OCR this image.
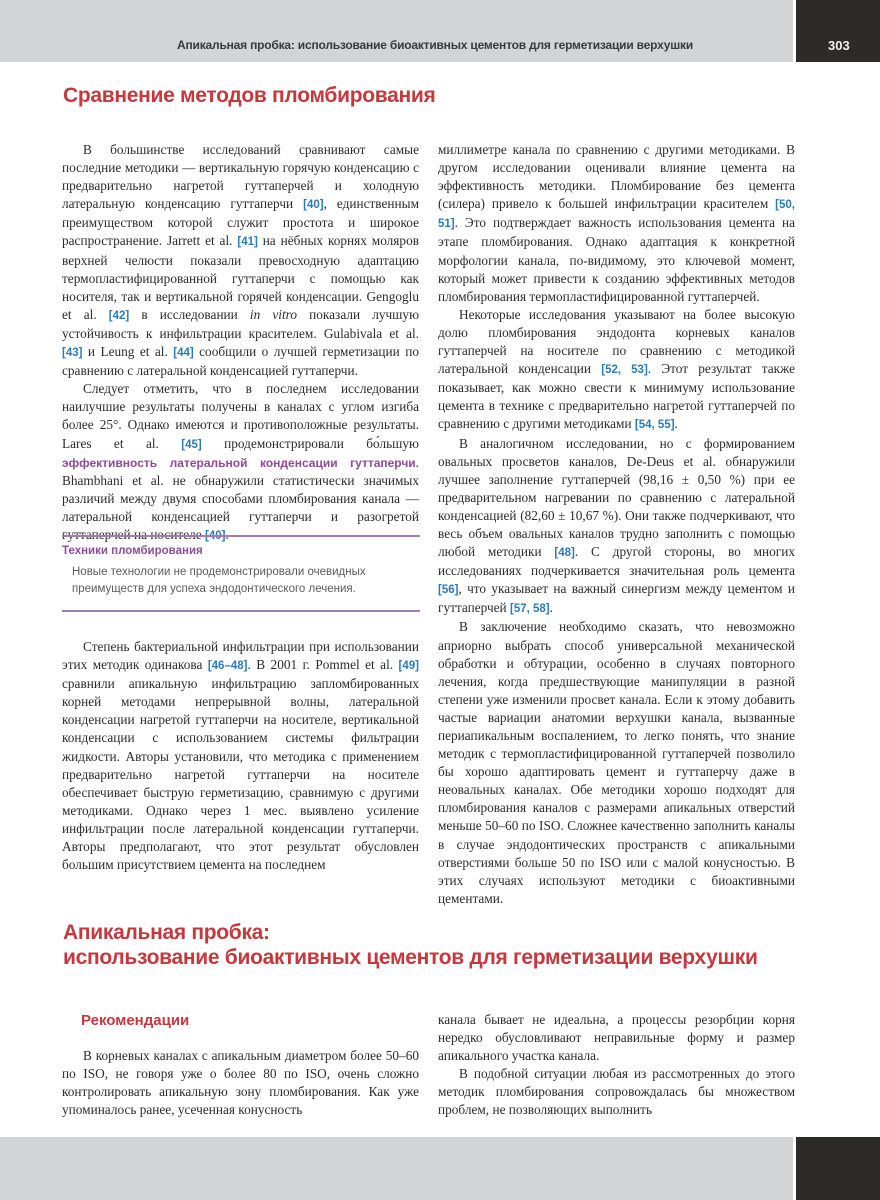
Апикальная пробка: использование биоактивных цементов для герметизации верхушки	303
Сравнение методов пломбирования

В большинстве исследований сравнивают самые последние методики — вертикальную горячую конденсацию с предварительно нагретой гуттаперчей и холодную латеральную конденсацию гуттаперчи [40], единственным преимуществом которой служит простота и широкое распространение. Jarrett et al. [41] на нёбных корнях моляров верхней челюсти показали превосходную адаптацию термопластифицированной гуттаперчи с помощью как носителя, так и вертикальной горячей конденсации. Gengoglu et al. [42] в исследовании in vitro показали лучшую устойчивость к инфильтрации красителем. Gulabivala et al. [43] и Leung et al. [44] сообщили о лучшей герметизации по сравнению с латеральной конденсацией гуттаперчи.

Следует отметить, что в последнем исследовании наилучшие результаты получены в каналах с углом изгиба более 25°. Однако имеются и противоположные результаты. Lares et al. [45] продемонстрировали бо́льшую эффективность латеральной конденсации гуттаперчи. Bhambhani et al. не обнаружили статистически значимых различий между двумя способами пломбирования канала — латеральной конденсацией гуттаперчи и разогретой гуттаперчей на носителе [40].

Техники пломбирования
Новые технологии не продемонстрировали очевидных преимуществ для успеха эндодонтического лечения.

Степень бактериальной инфильтрации при использовании этих методик одинакова [46–48]. В 2001 г. Pommel et al. [49] сравнили апикальную инфильтрацию запломбированных корней методами непрерывной волны, латеральной конденсации нагретой гуттаперчи на носителе, вертикальной конденсации с использованием системы фильтрации жидкости. Авторы установили, что методика с применением предварительно нагретой гуттаперчи на носителе обеспечивает быструю герметизацию, сравнимую с другими методиками. Однако через 1 мес. выявлено усиление инфильтрации после латеральной конденсации гуттаперчи. Авторы предполагают, что этот результат обусловлен большим присутствием цемента на последнем

миллиметре канала по сравнению с другими методиками. В другом исследовании оценивали влияние цемента на эффективность методики. Пломбирование без цемента (силера) привело к большей инфильтрации красителем [50, 51]. Это подтверждает важность использования цемента на этапе пломбирования. Однако адаптация к конкретной морфологии канала, по-видимому, это ключевой момент, который может привести к созданию эффективных методов пломбирования термопластифицированной гуттаперчей.

Некоторые исследования указывают на более высокую долю пломбирования эндодонта корневых каналов гуттаперчей на носителе по сравнению с методикой латеральной конденсации [52, 53]. Этот результат также показывает, как можно свести к минимуму использование цемента в технике с предварительно нагретой гуттаперчей по сравнению с другими методиками [54, 55].

В аналогичном исследовании, но с формированием овальных просветов каналов, De-Deus et al. обнаружили лучшее заполнение гуттаперчей (98,16 ± 0,50 %) при ее предварительном нагревании по сравнению с латеральной конденсацией (82,60 ± 10,67 %). Они также подчеркивают, что весь объем овальных каналов трудно заполнить с помощью любой методики [48]. С другой стороны, во многих исследованиях подчеркивается значительная роль цемента [56], что указывает на важный синергизм между цементом и гуттаперчей [57, 58].

В заключение необходимо сказать, что невозможно априорно выбрать способ универсальной механической обработки и обтурации, особенно в случаях повторного лечения, когда предшествующие манипуляции в разной степени уже изменили просвет канала. Если к этому добавить частые вариации анатомии верхушки канала, вызванные периапикальным воспалением, то легко понять, что знание методик с термопластифицированной гуттаперчей позволило бы хорошо адаптировать цемент и гуттаперчу даже в неовальных каналах. Обе методики хорошо подходят для пломбирования каналов с размерами апикальных отверстий меньше 50–60 по ISO. Сложнее качественно заполнить каналы в случае эндодонтических пространств с апикальными отверстиями больше 50 по ISO или с малой конусностью. В этих случаях используют методики с биоактивными цементами.

Апикальная пробка:
использование биоактивных цементов для герметизации верхушки
Рекомендации

В корневых каналах с апикальным диаметром более 50–60 по ISO, не говоря уже о более 80 по ISO, очень сложно контролировать апикальную зону пломбирования. Как уже упоминалось ранее, усеченная конусность

канала бывает не идеальна, а процессы резорбции корня нередко обусловливают неправильные форму и размер апикального участка канала.

В подобной ситуации любая из рассмотренных до этого методик пломбирования сопровождалась бы множеством проблем, не позволяющих выполнить
